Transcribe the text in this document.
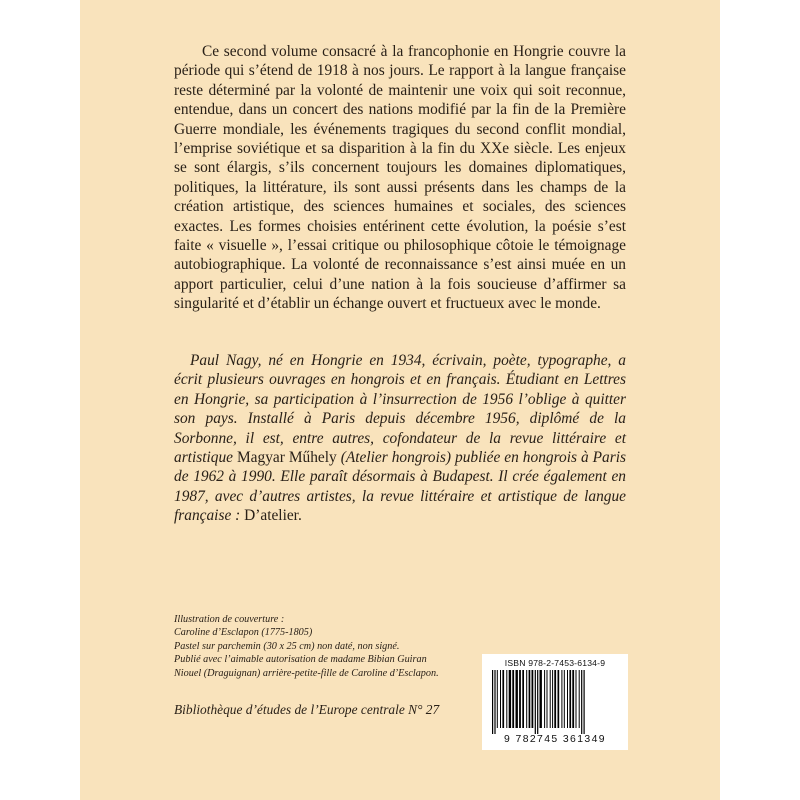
Ce second volume consacré à la francophonie en Hongrie couvre la période qui s’étend de 1918 à nos jours. Le rapport à la langue française reste déterminé par la volonté de maintenir une voix qui soit reconnue, entendue, dans un concert des nations modifié par la fin de la Première Guerre mondiale, les événements tragiques du second conflit mondial, l’emprise soviétique et sa disparition à la fin du XXe siècle. Les enjeux se sont élargis, s’ils concernent toujours les domaines diplomatiques, politiques, la littérature, ils sont aussi présents dans les champs de la création artistique, des sciences humaines et sociales, des sciences exactes. Les formes choisies entérinent cette évolution, la poésie s’est faite « visuelle », l’essai critique ou philosophique côtoie le témoignage autobiographique. La volonté de reconnaissance s’est ainsi muée en un apport particulier, celui d’une nation à la fois soucieuse d’affirmer sa singularité et d’établir un échange ouvert et fructueux avec le monde.

Paul Nagy, né en Hongrie en 1934, écrivain, poète, typographe, a écrit plusieurs ouvrages en hongrois et en français. Étudiant en Lettres en Hongrie, sa participation à l’insurrection de 1956 l’oblige à quitter son pays. Installé à Paris depuis décembre 1956, diplômé de la Sorbonne, il est, entre autres, cofondateur de la revue littéraire et artistique Magyar Műhely (Atelier hongrois) publiée en hongrois à Paris de 1962 à 1990. Elle paraît désormais à Budapest. Il crée également en 1987, avec d’autres artistes, la revue littéraire et artistique de langue française : D’atelier.

Illustration de couverture :
Caroline d’Esclapon (1775-1805)
Pastel sur parchemin (30 x 25 cm) non daté, non signé.
Publié avec l’aimable autorisation de madame Bibian Guiran
Niouel (Draguignan) arrière-petite-fille de Caroline d’Esclapon.
Bibliothèque d’études de l’Europe centrale N° 27
ISBN 978-2-7453-6134-9
9 782745 361349
